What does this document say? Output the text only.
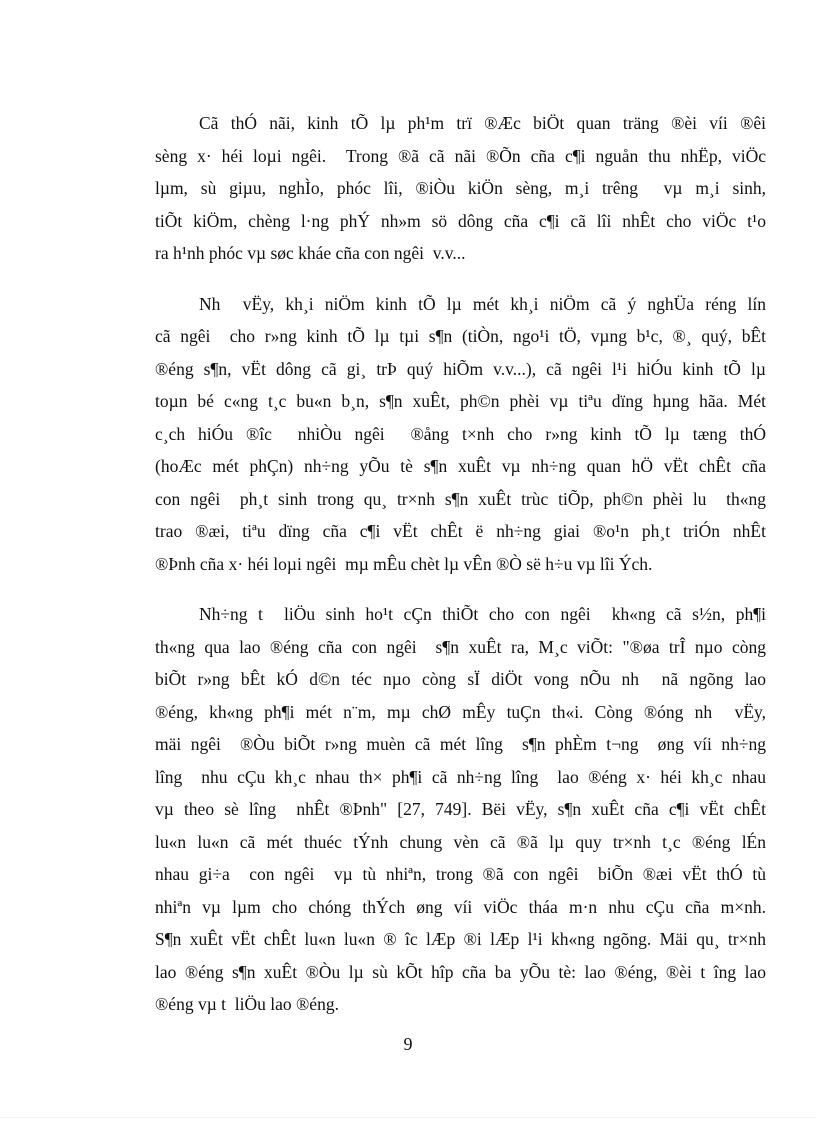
Cã thÓ nãi, kinh tÕ lµ ph¹m trï ®Æc biÖt quan träng ®èi víi ®êi
sèng x· héi loµi ngêi.  Trong ®ã cã nãi ®Õn cña c¶i nguån thu nhËp, viÖc
lµm, sù giµu, nghÌo, phóc lîi, ®iÒu kiÖn sèng, m¸i trêng  vµ m¸i sinh,
tiÕt kiÖm, chèng l·ng phÝ nh»m sö dông cña c¶i cã lîi nhÊt cho viÖc t¹o
ra h¹nh phóc vµ søc kháe cña con ngêi  v.v...
Nh  vËy, kh¸i niÖm kinh tÕ lµ mét kh¸i niÖm cã ý nghÜa réng lín
cã ngêi  cho r»ng kinh tÕ lµ tµi s¶n (tiÒn, ngo¹i tÖ, vµng b¹c, ®¸ quý, bÊt
®éng s¶n, vËt dông cã gi¸ trÞ quý hiÕm v.v...), cã ngêi l¹i hiÓu kinh tÕ lµ
toµn bé c«ng t¸c bu«n b¸n, s¶n xuÊt, ph©n phèi vµ tiªu dïng hµng hãa. Mét
c¸ch hiÓu ®îc  nhiÒu ngêi  ®ång t×nh cho r»ng kinh tÕ lµ tæng thÓ
(hoÆc mét phÇn) nh÷ng yÕu tè s¶n xuÊt vµ nh÷ng quan hÖ vËt chÊt cña
con ngêi  ph¸t sinh trong qu¸ tr×nh s¶n xuÊt trùc tiÕp, ph©n phèi lu  th«ng
trao ®æi, tiªu dïng cña c¶i vËt chÊt ë nh÷ng giai ®o¹n ph¸t triÓn nhÊt
®Þnh cña x· héi loµi ngêi  mµ mÊu chèt lµ vÊn ®Ò së h÷u vµ lîi Ých.
Nh÷ng t  liÖu sinh ho¹t cÇn thiÕt cho con ngêi  kh«ng cã s½n, ph¶i
th«ng qua lao ®éng cña con ngêi  s¶n xuÊt ra, M¸c viÕt: "®øa trÎ nµo còng
biÕt r»ng bÊt kÓ d©n téc nµo còng sÏ diÖt vong nÕu nh  nã ngõng lao
®éng, kh«ng ph¶i mét n¨m, mµ chØ mÊy tuÇn th«i. Còng ®óng nh  vËy,
mäi ngêi  ®Òu biÕt r»ng muèn cã mét lîng  s¶n phÈm t¬ng  øng víi nh÷ng
lîng  nhu cÇu kh¸c nhau th× ph¶i cã nh÷ng lîng  lao ®éng x· héi kh¸c nhau
vµ theo sè lîng  nhÊt ®Þnh" [27, 749]. Bëi vËy, s¶n xuÊt cña c¶i vËt chÊt
lu«n lu«n cã mét thuéc tÝnh chung vèn cã ®ã lµ quy tr×nh t¸c ®éng lÉn
nhau gi÷a  con ngêi  vµ tù nhiªn, trong ®ã con ngêi  biÕn ®æi vËt thÓ tù
nhiªn vµ lµm cho chóng thÝch øng víi viÖc tháa m·n nhu cÇu cña m×nh.
S¶n xuÊt vËt chÊt lu«n lu«n ® îc lÆp ®i lÆp l¹i kh«ng ngõng. Mäi qu¸ tr×nh
lao ®éng s¶n xuÊt ®Òu lµ sù kÕt hîp cña ba yÕu tè: lao ®éng, ®èi t îng lao
®éng vµ t  liÖu lao ®éng.
9
